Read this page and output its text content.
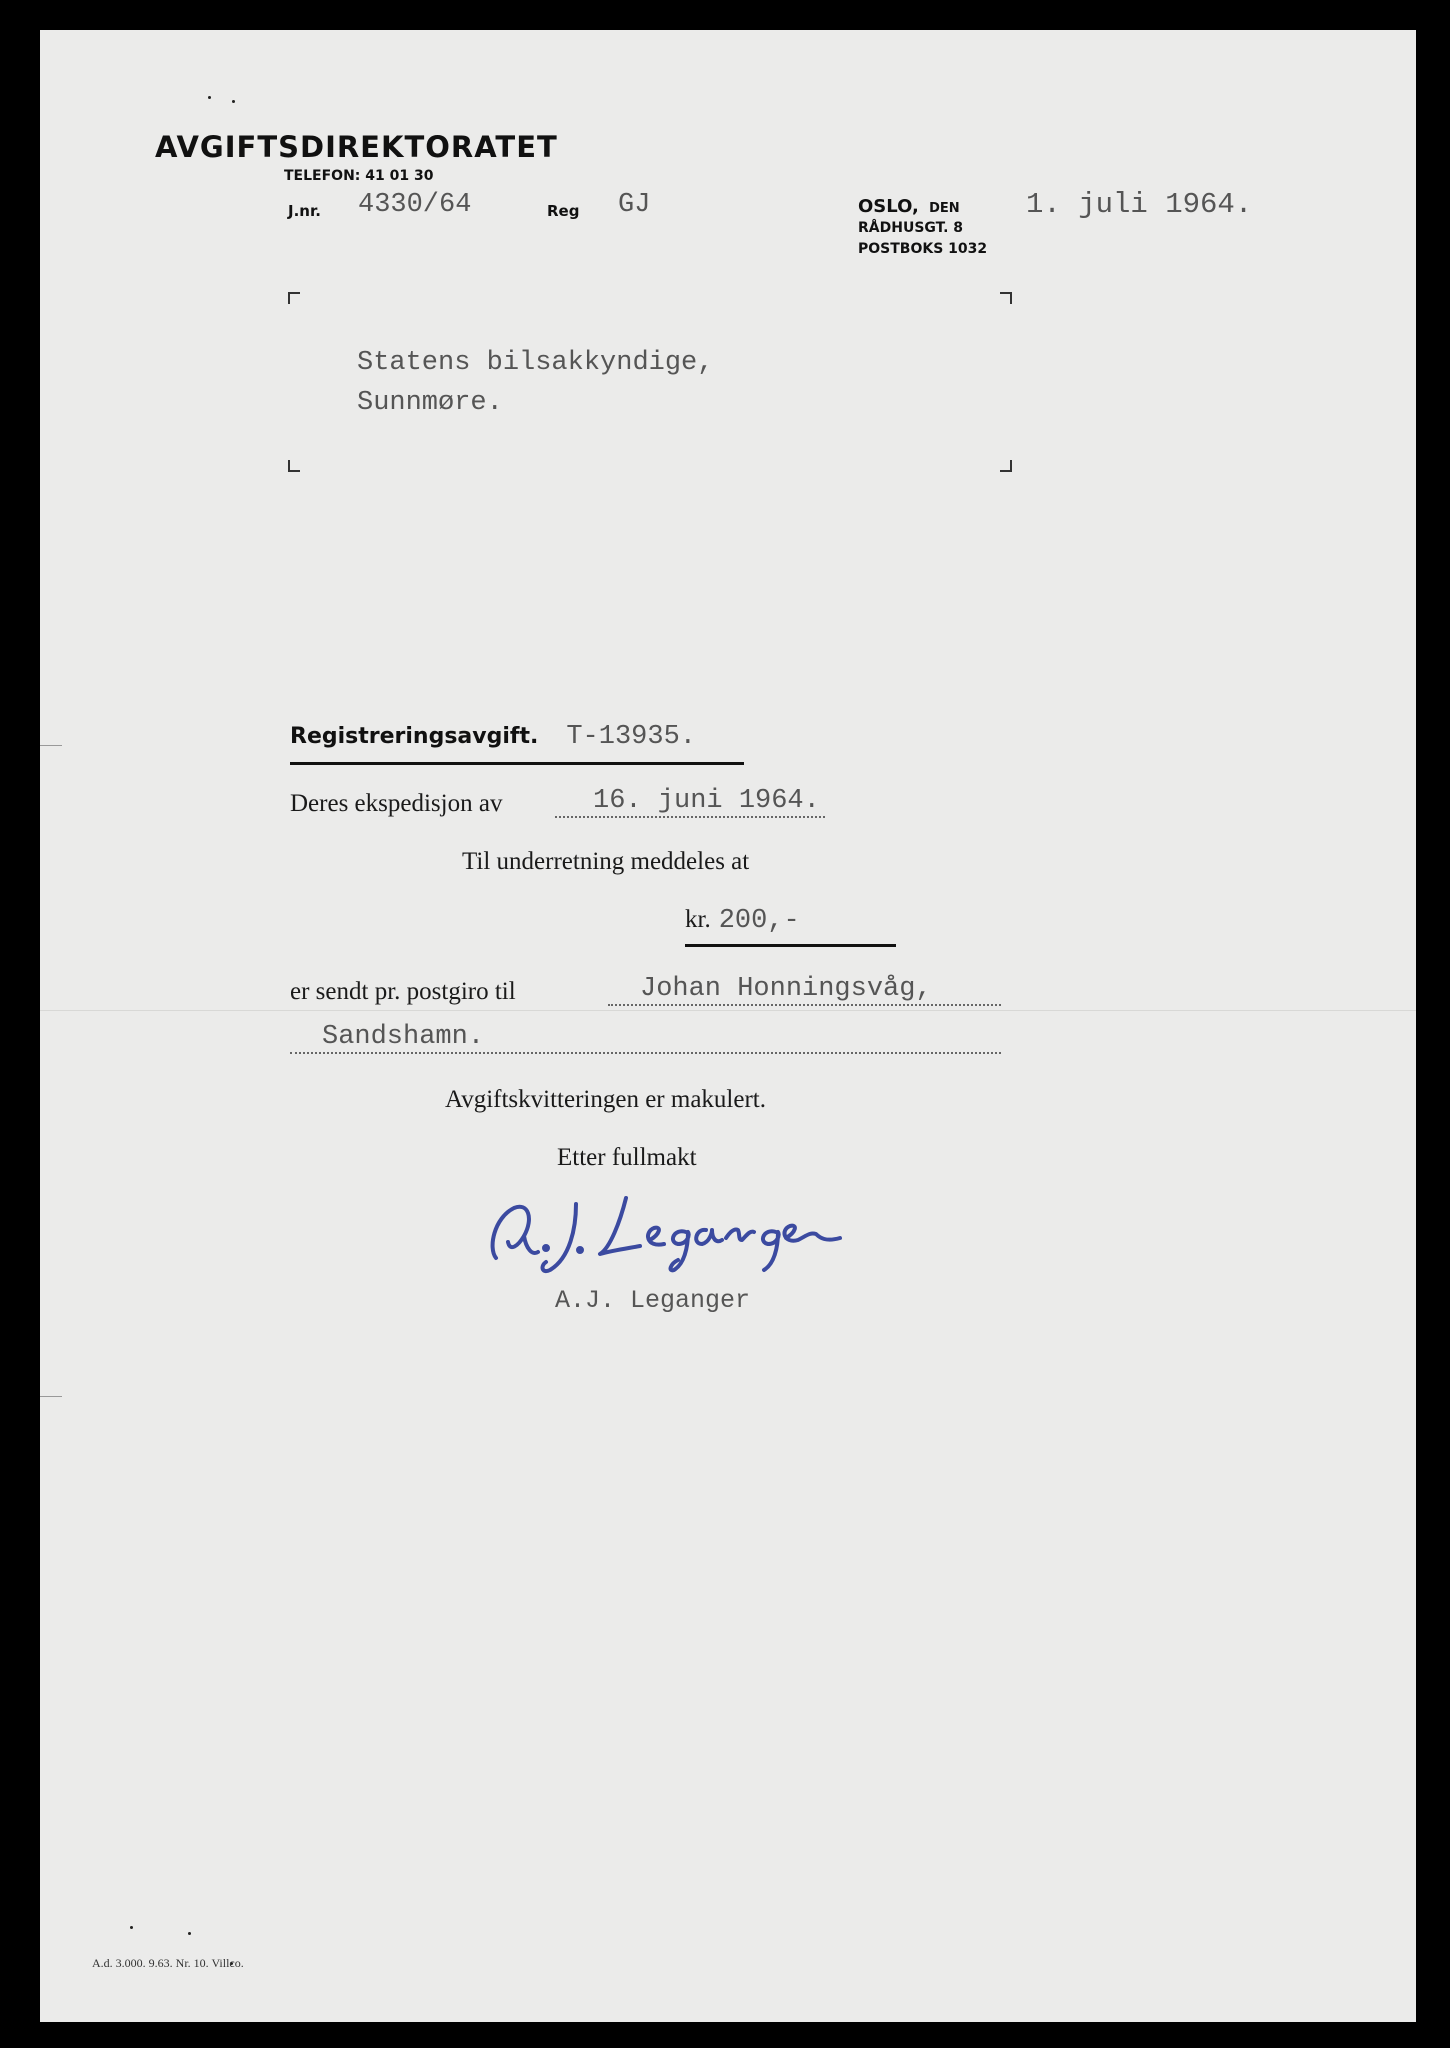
AVGIFTSDIREKTORATET
TELEFON: 41 01 30
J.nr. 4330/64	Reg GJ	OSLO, DEN 1. juli 1964.
RÅDHUSGT. 8
POSTBOKS 1032
Statens bilsakkyndige,
Sunnmøre.
Registreringsavgift. T-13935.
Deres ekspedisjon av	16. juni 1964.
Til underretning meddeles at
kr. 200,-
er sendt pr. postgiro til	Johan Honningsvåg,
Sandshamn.
Avgiftskvitteringen er makulert.
Etter fullmakt
A.J. Leganger
A.d. 3.000. 9.63. Nr. 10. Villco.
